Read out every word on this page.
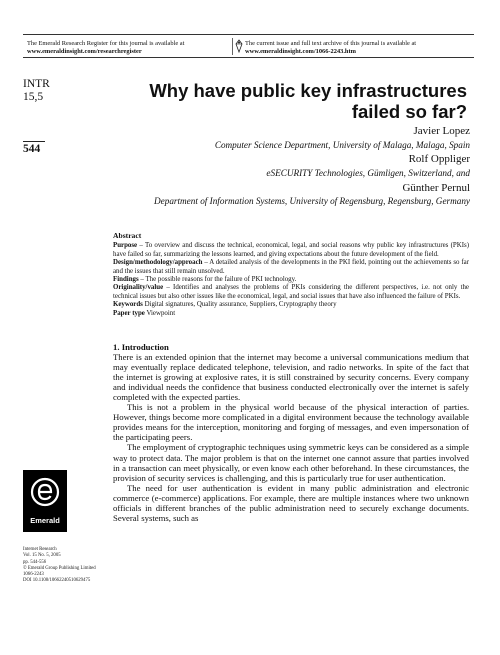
The Emerald Research Register for this journal is available at
www.emeraldinsight.com/researchregister
The current issue and full text archive of this journal is available at
www.emeraldinsight.com/1066-2243.htm
INTR
15,5
544
Why have public key infrastructures failed so far?
Javier Lopez
Computer Science Department, University of Malaga, Malaga, Spain
Rolf Oppliger
eSECURITY Technologies, Gümligen, Switzerland, and
Günther Pernul
Department of Information Systems, University of Regensburg, Regensburg, Germany
Abstract

Purpose – To overview and discuss the technical, economical, legal, and social reasons why public key infrastructures (PKIs) have failed so far, summarizing the lessons learned, and giving expectations about the future development of the field.

Design/methodology/approach – A detailed analysis of the developments in the PKI field, pointing out the achievements so far and the issues that still remain unsolved.

Findings – The possible reasons for the failure of PKI technology.

Originality/value – Identifies and analyses the problems of PKIs considering the different perspectives, i.e. not only the technical issues but also other issues like the economical, legal, and social issues that have also influenced the failure of PKIs.

Keywords Digital signatures, Quality assurance, Suppliers, Cryptography theory

Paper type Viewpoint

1. Introduction

There is an extended opinion that the internet may become a universal communications medium that may eventually replace dedicated telephone, television, and radio networks. In spite of the fact that the internet is growing at explosive rates, it is still constrained by security concerns. Every company and individual needs the confidence that business conducted electronically over the internet is safely completed with the expected parties.

This is not a problem in the physical world because of the physical interaction of parties. However, things become more complicated in a digital environment because the technology available provides means for the interception, monitoring and forging of messages, and even impersonation of the participating peers.

The employment of cryptographic techniques using symmetric keys can be considered as a simple way to protect data. The major problem is that on the internet one cannot assure that parties involved in a transaction can meet physically, or even know each other beforehand. In these circumstances, the provision of security services is challenging, and this is particularly true for user authentication.

The need for user authentication is evident in many public administration and electronic commerce (e-commerce) applications. For example, there are multiple instances where two unknown officials in different branches of the public administration need to securely exchange documents. Several systems, such as

Emerald
Internet Research
Vol. 15 No. 5, 2005
pp. 544-556
© Emerald Group Publishing Limited
1066-2243
DOI 10.1108/10662240510629475
